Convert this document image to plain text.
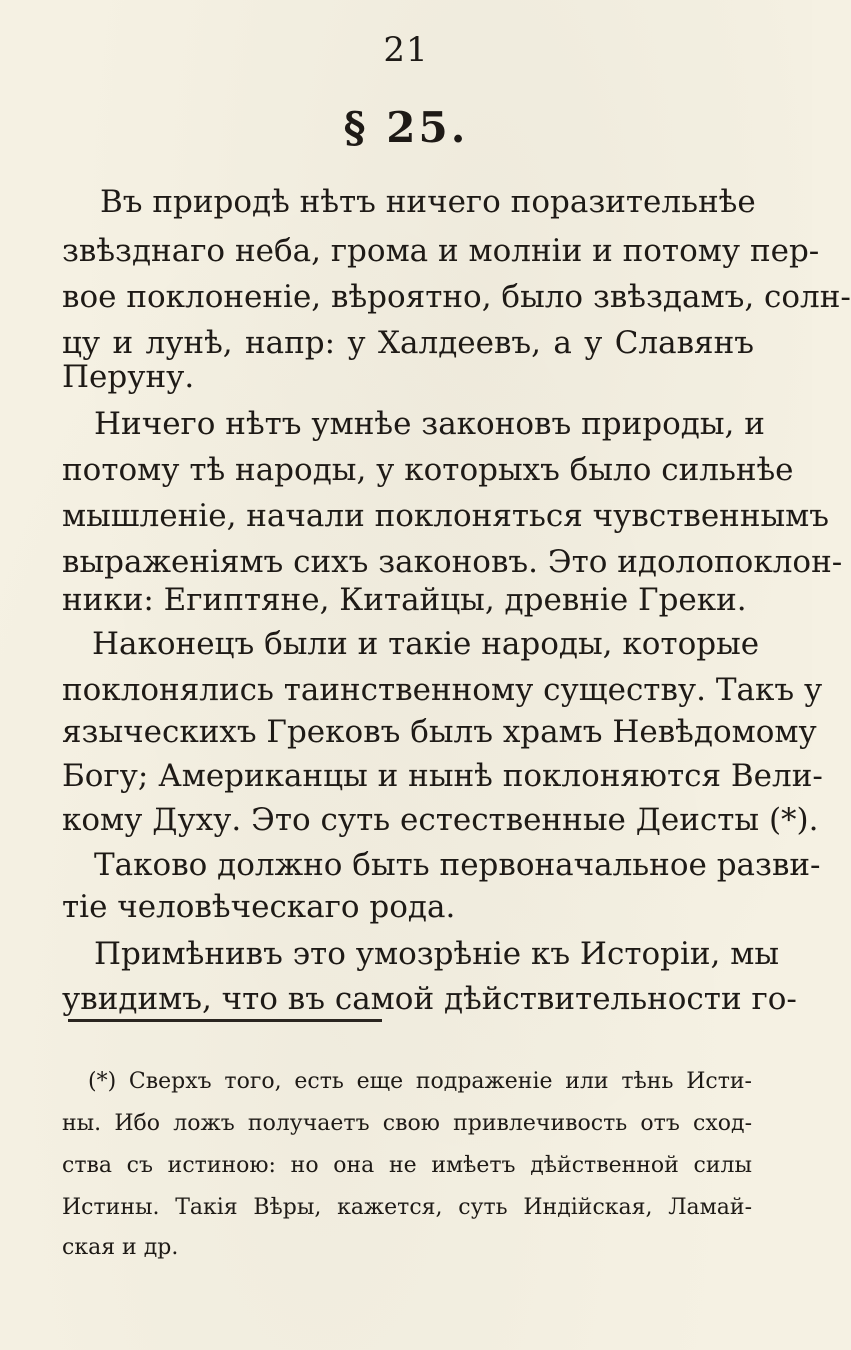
21
§ 25.
Въ природѣ нѣтъ ничего поразительнѣе
звѣзднаго неба, грома и молніи и потому пер-
вое поклоненіе, вѣроятно, было звѣздамъ, солн-
цу и лунѣ, напр: у Халдеевъ, а у Славянъ
Перуну.
Ничего нѣтъ умнѣе законовъ природы, и
потому тѣ народы, у которыхъ было сильнѣе
мышленіе, начали поклоняться чувственнымъ
выраженіямъ сихъ законовъ. Это идолопоклон-
ники: Египтяне, Китайцы, древніе Греки.
Наконецъ были и такіе народы, которые
поклонялись таинственному существу. Такъ у
языческихъ Грековъ былъ храмъ Невѣдомому
Богу; Американцы и нынѣ поклоняются Вели-
кому Духу. Это суть естественные Деисты (*).
Таково должно быть первоначальное разви-
тіе человѣческаго рода.
Примѣнивъ это умозрѣніе къ Исторіи, мы
увидимъ, что въ самой дѣйствительности го-
(*) Сверхъ того, есть еще подраженіе или тѣнь Исти-
ны. Ибо ложъ получаетъ свою привлечивость отъ сход-
ства съ истиною: но она не имѣетъ дѣйственной силы
Истины. Такія Вѣры, кажется, суть Индійская, Ламай-
ская и др.
